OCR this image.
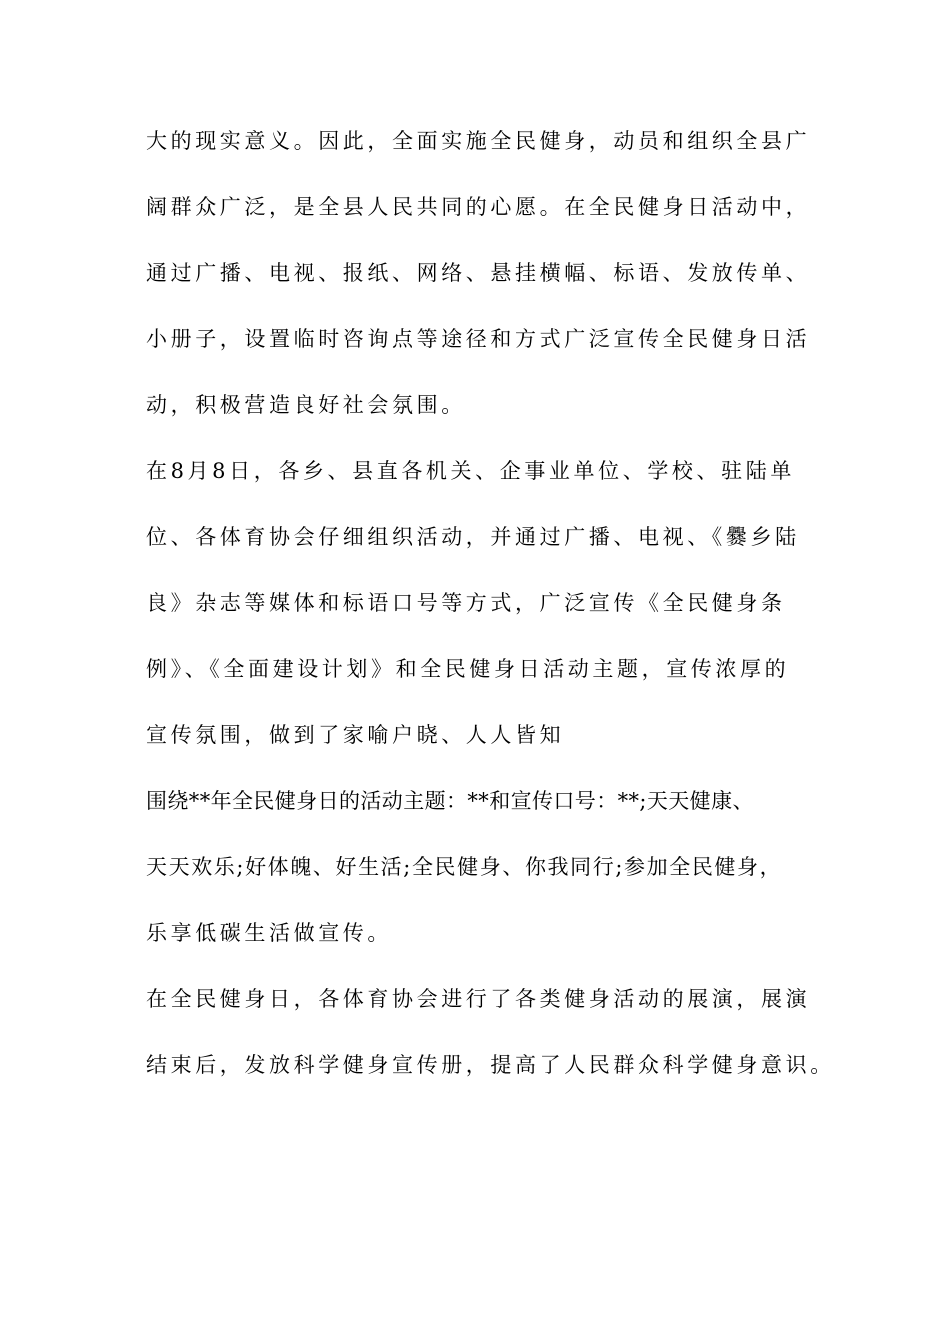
大的现实意义。因此，全面实施全民健身，动员和组织全县广
阔群众广泛，是全县人民共同的心愿。在全民健身日活动中，
通过广播、电视、报纸、网络、悬挂横幅、标语、发放传单、
小册子，设置临时咨询点等途径和方式广泛宣传全民健身日活
动，积极营造良好社会氛围。
在8月8日，各乡、县直各机关、企事业单位、学校、驻陆单
位、各体育协会仔细组织活动，并通过广播、电视、《爨乡陆
良》杂志等媒体和标语口号等方式，广泛宣传《全民健身条
例》、《全面建设计划》和全民健身日活动主题，宣传浓厚的
宣传氛围，做到了家喻户晓、人人皆知
围绕**年全民健身日的活动主题：**和宣传口号：**;天天健康、
天天欢乐;好体魄、好生活;全民健身、你我同行;参加全民健身，
乐享低碳生活做宣传。
在全民健身日，各体育协会进行了各类健身活动的展演，展演
结束后，发放科学健身宣传册，提高了人民群众科学健身意识。
